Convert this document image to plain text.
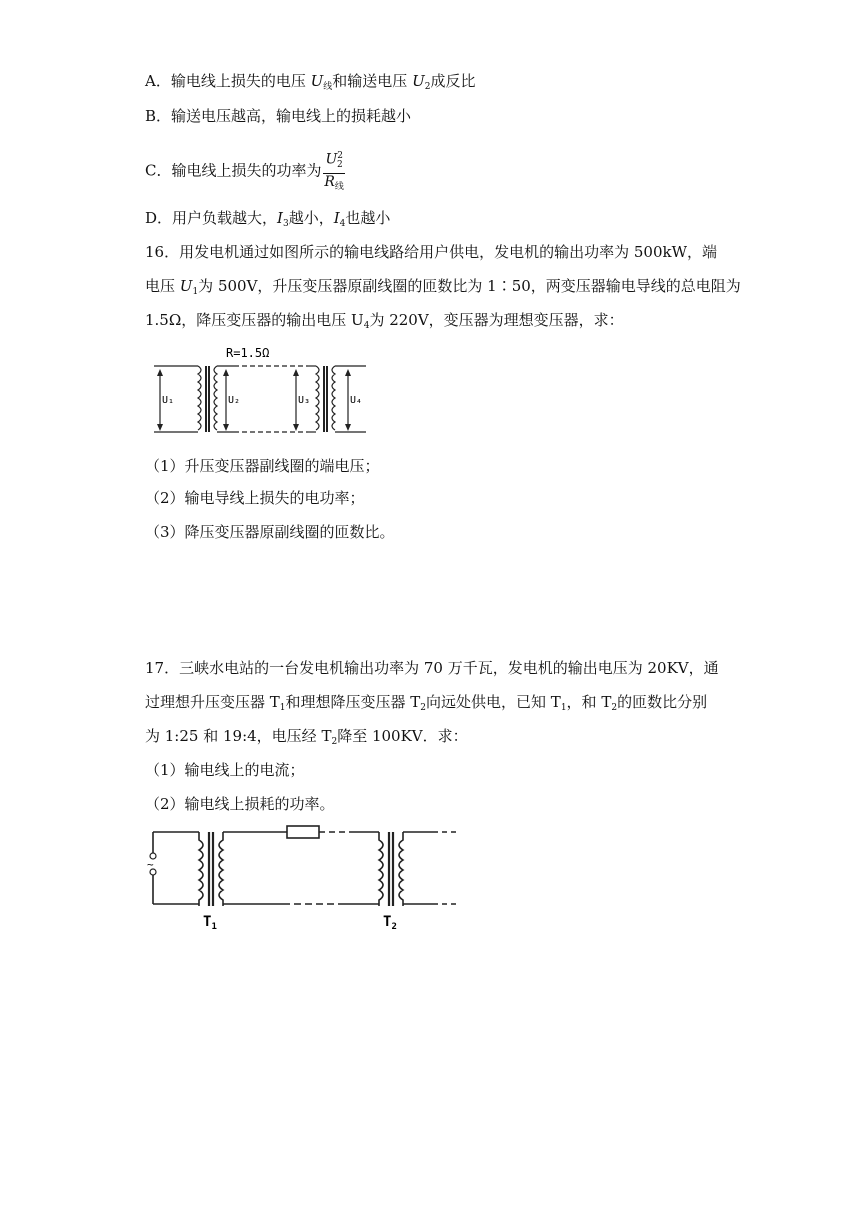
A．输电线上损失的电压 $U_线$和输送电压 $U_2$成反比
B．输送电压越高，输电线上的损耗越小
C．输电线上损失的功率为 $\frac{U^2_2}{R_线}$
D．用户负载越大，$I_3$越小，$I_4$也越小
16．用发电机通过如图所示的输电线路给用户供电，发电机的输出功率为 500kW，端
电压 $U_1$为 500V，升压变压器原副线圈的匝数比为 1∶50，两变压器输电导线的总电阻为
1.5Ω，降压变压器的输出电压 $U_4$为 220V，变压器为理想变压器，求：
U₁	U₂	U₃	U₄
R=1.5Ω
（1）升压变压器副线圈的端电压；
（2）输电导线上损失的电功率；
（3）降压变压器原副线圈的匝数比。
17．三峡水电站的一台发电机输出功率为 70 万千瓦，发电机的输出电压为 20KV，通
过理想升压变压器 $T_1$和理想降压变压器 $T_2$向远处供电，已知 $T_1$，和 $T_2$的匝数比分别
为 1:25 和 19:4，电压经 $T_2$降至 100KV．求：
（1）输电线上的电流；
（2）输电线上损耗的功率。
~
$T_1$	$T_2$
